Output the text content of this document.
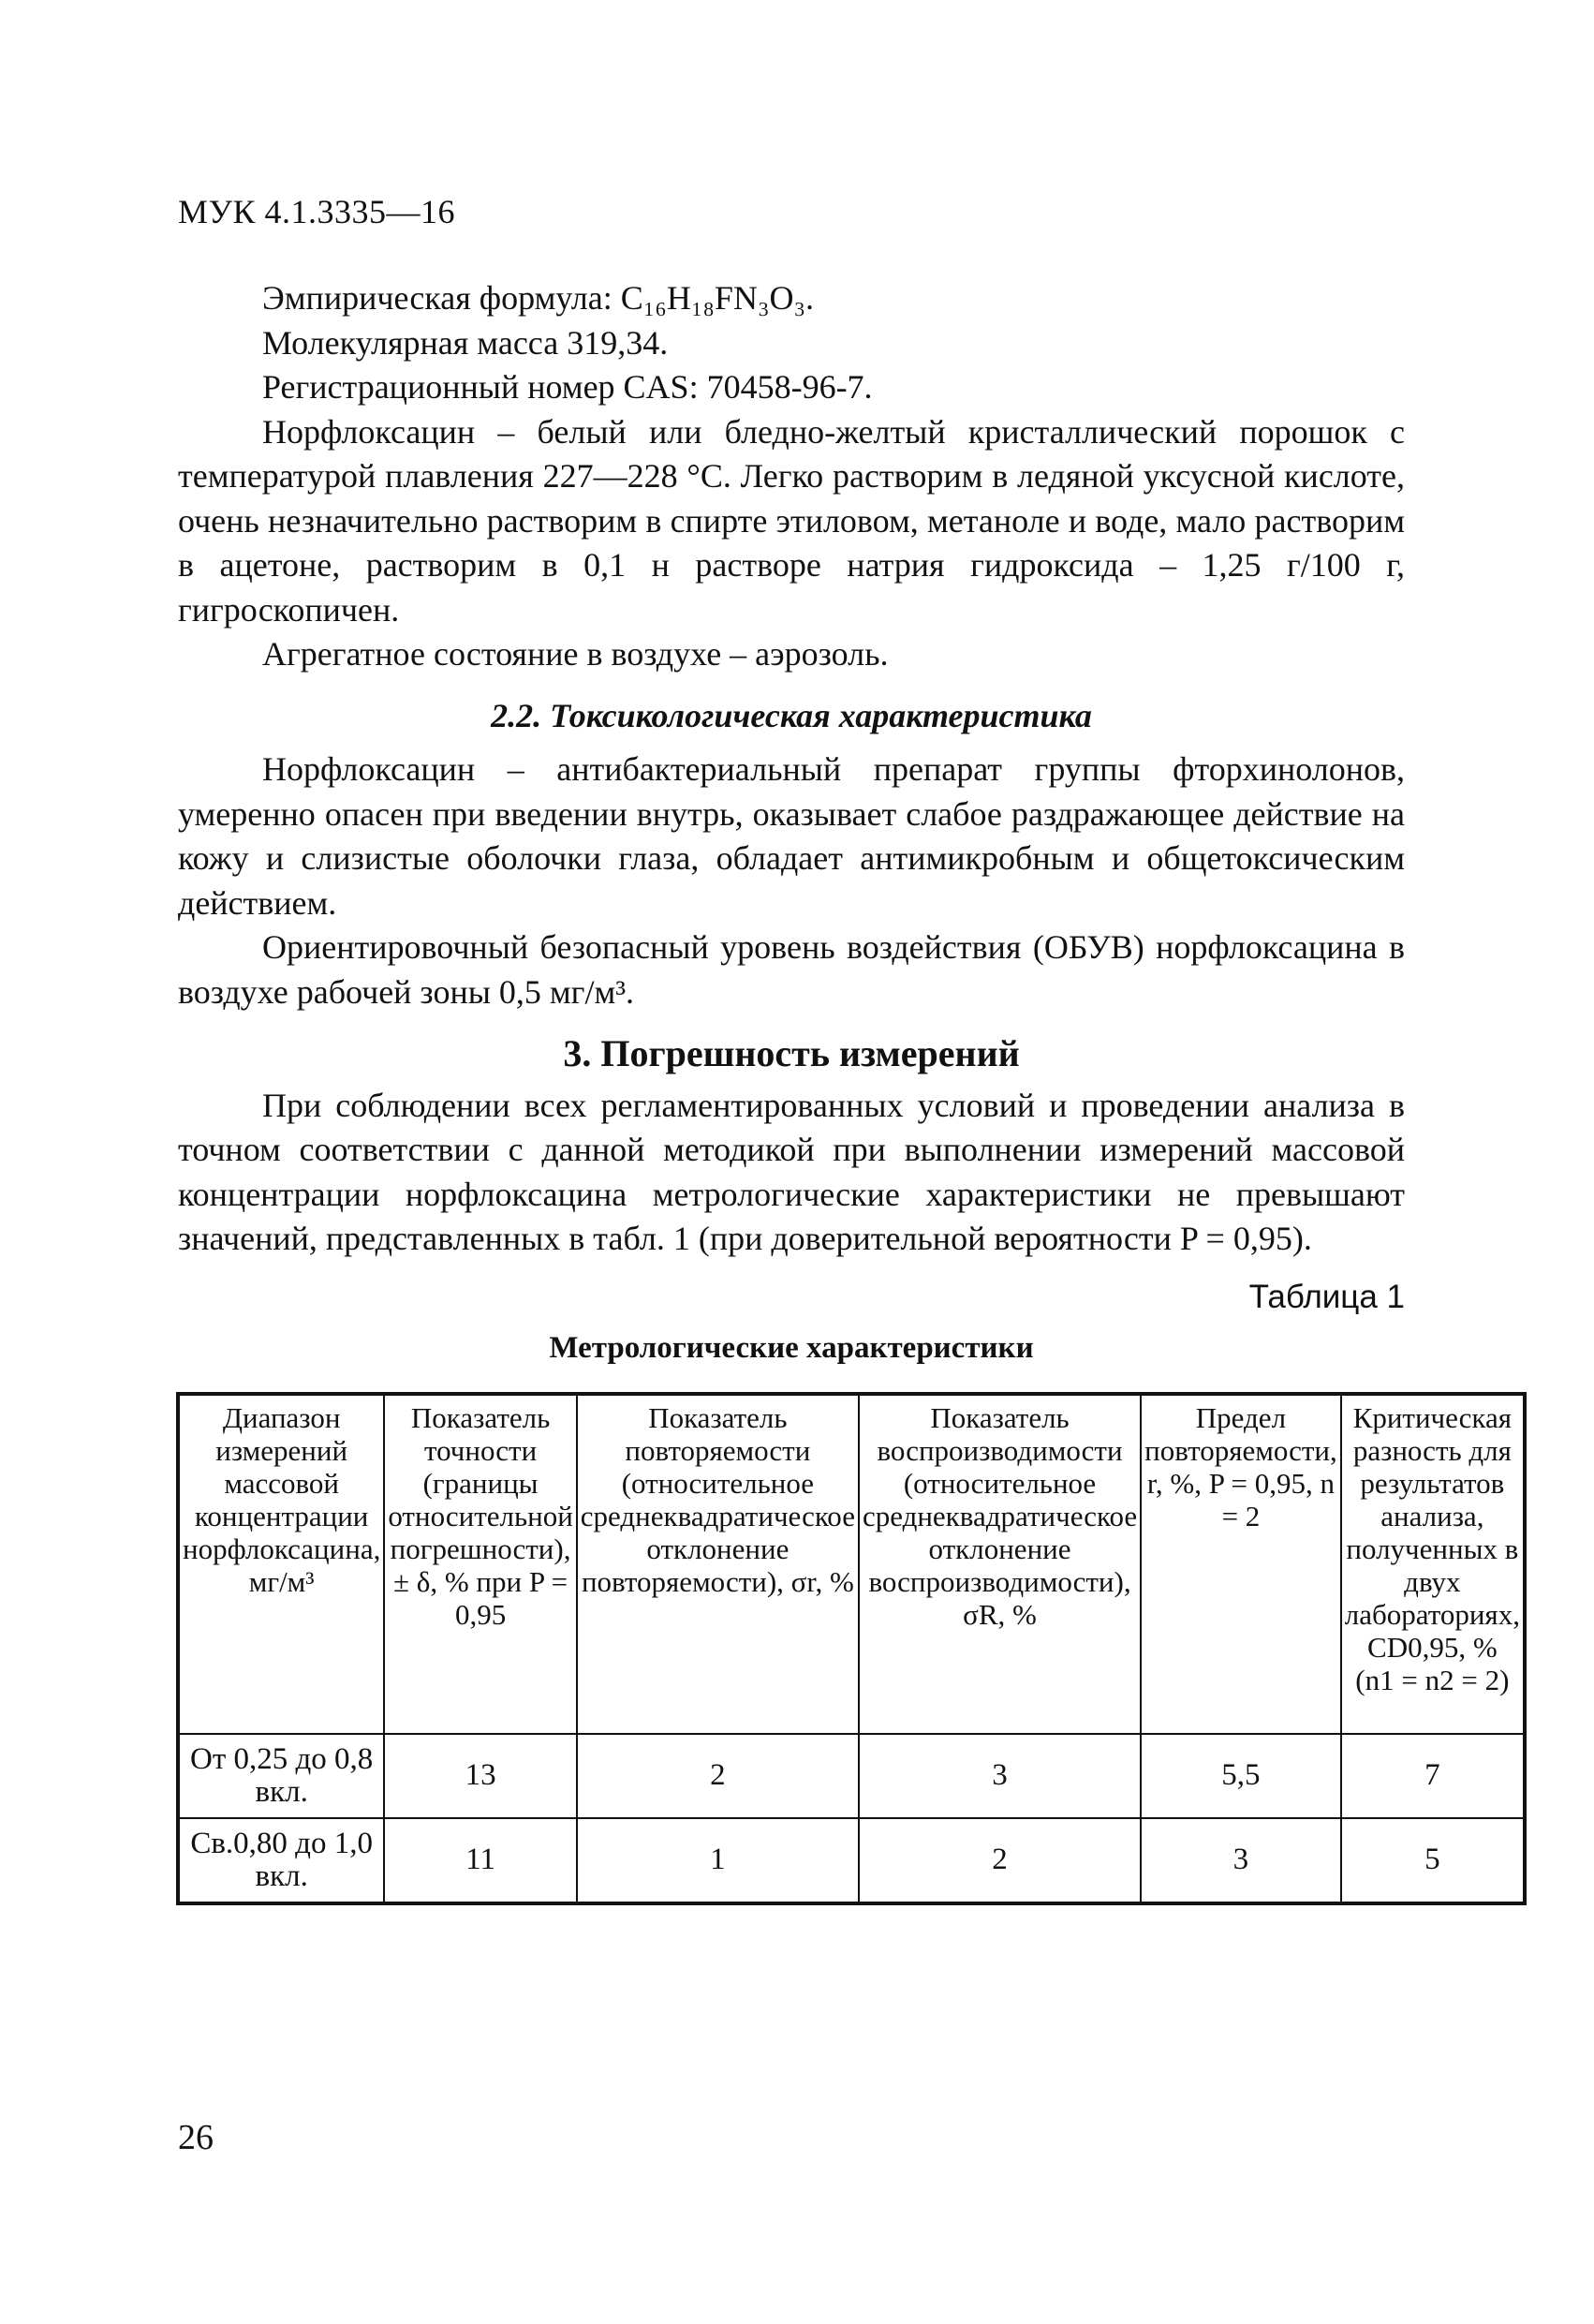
МУК 4.1.3335—16

Эмпирическая формула: C₁₆H₁₈FN₃O₃.

Молекулярная масса 319,34.

Регистрационный номер CAS: 70458-96-7.

Норфлоксацин – белый или бледно-желтый кристаллический порошок с температурой плавления 227—228 °С. Легко растворим в ледяной уксусной кислоте, очень незначительно растворим в спирте этиловом, метаноле и воде, мало растворим в ацетоне, растворим в 0,1 н растворе натрия гидроксида – 1,25 г/100 г, гигроскопичен.

Агрегатное состояние в воздухе – аэрозоль.

2.2. Токсикологическая характеристика

Норфлоксацин – антибактериальный препарат группы фторхинолонов, умеренно опасен при введении внутрь, оказывает слабое раздражающее действие на кожу и слизистые оболочки глаза, обладает антимикробным и общетоксическим действием.

Ориентировочный безопасный уровень воздействия (ОБУВ) норфлоксацина в воздухе рабочей зоны 0,5 мг/м³.

3. Погрешность измерений

При соблюдении всех регламентированных условий и проведении анализа в точном соответствии с данной методикой при выполнении измерений массовой концентрации норфлоксацина метрологические характеристики не превышают значений, представленных в табл. 1 (при доверительной вероятности P = 0,95).

Таблица 1
Метрологические характеристики
Диапазон измерений массовой концентрации норфлоксацина, мг/м³	Показатель точности (границы относительной погрешности), ± δ, % при P = 0,95	Показатель повторяемости (относительное среднеквадратическое отклонение повторяемости), σr, %	Показатель воспроизводимости (относительное среднеквадратическое отклонение воспроизводимости), σR, %	Предел повторяемости, r, %, P = 0,95, n = 2	Критическая разность для результатов анализа, полученных в двух лабораториях, CD0,95, % (n1 = n2 = 2)
От 0,25 до 0,8 вкл.	13	2	3	5,5	7
Св.0,80 до 1,0 вкл.	11	1	2	3	5
26
